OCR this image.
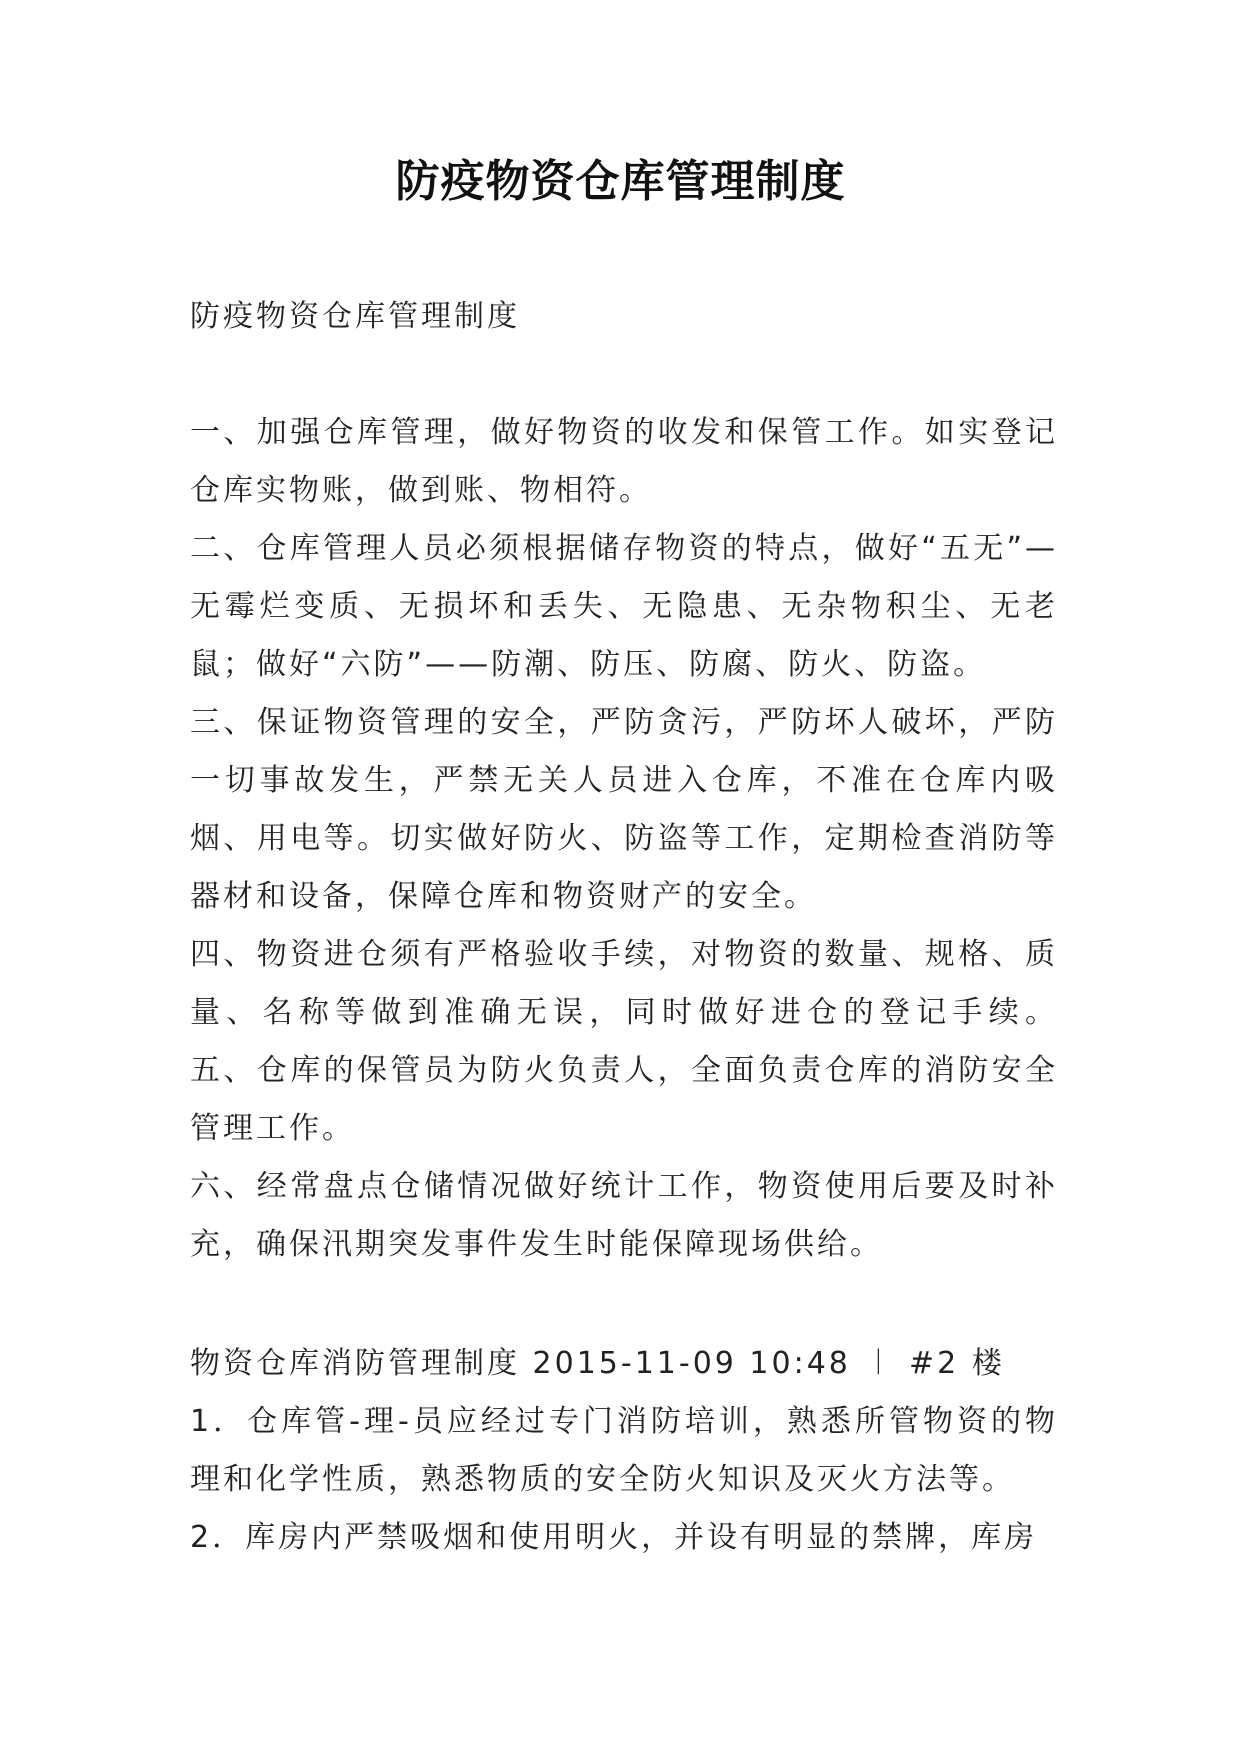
防疫物资仓库管理制度
防疫物资仓库管理制度

一、加强仓库管理，做好物资的收发和保管工作。如实登记仓库实物账，做到账、物相符。

二、仓库管理人员必须根据储存物资的特点，做好“五无”—无霉烂变质、无损坏和丢失、无隐患、无杂物积尘、无老鼠；做好“六防”——防潮、防压、防腐、防火、防盗。

三、保证物资管理的安全，严防贪污，严防坏人破坏，严防一切事故发生，严禁无关人员进入仓库，不准在仓库内吸烟、用电等。切实做好防火、防盗等工作，定期检查消防等器材和设备，保障仓库和物资财产的安全。

四、物资进仓须有严格验收手续，对物资的数量、规格、质量、名称等做到准确无误，同时做好进仓的登记手续。 五、仓库的保管员为防火负责人，全面负责仓库的消防安全管理工作。

六、经常盘点仓储情况做好统计工作，物资使用后要及时补充，确保汛期突发事件发生时能保障现场供给。

物资仓库消防管理制度 2015-11-09 10:48 ︱ #2 楼

1．仓库管-理-员应经过专门消防培训，熟悉所管物资的物理和化学性质，熟悉物质的安全防火知识及灭火方法等。

2．库房内严禁吸烟和使用明火，并设有明显的禁牌，库房
